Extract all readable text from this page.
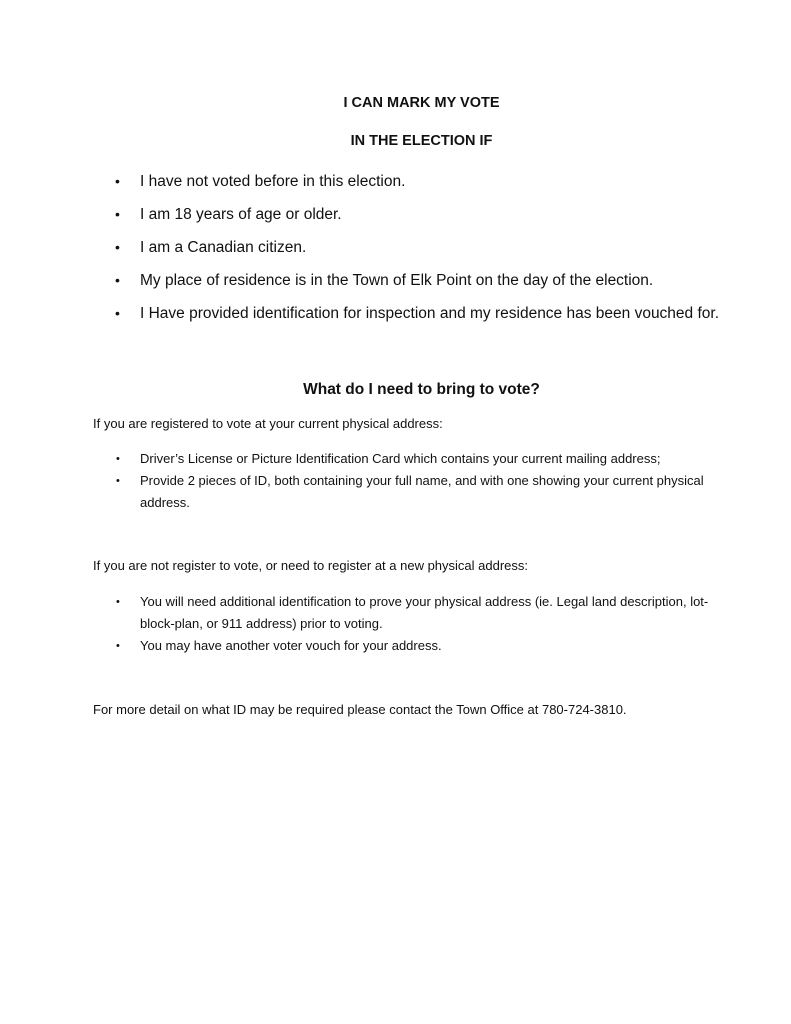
I CAN MARK MY VOTE
IN THE ELECTION IF
• I have not voted before in this election.
• I am 18 years of age or older.
• I am a Canadian citizen.
• My place of residence is in the Town of Elk Point on the day of the election.
• I Have provided identification for inspection and my residence has been vouched for.
What do I need to bring to vote?

If you are registered to vote at your current physical address:

• Driver’s License or Picture Identification Card which contains your current mailing address;
• Provide 2 pieces of ID, both containing your full name, and with one showing your current physical address.

If you are not register to vote, or need to register at a new physical address:

• You will need additional identification to prove your physical address (ie. Legal land description, lot-block-plan, or 911 address) prior to voting.
• You may have another voter vouch for your address.

For more detail on what ID may be required please contact the Town Office at 780-724-3810.
